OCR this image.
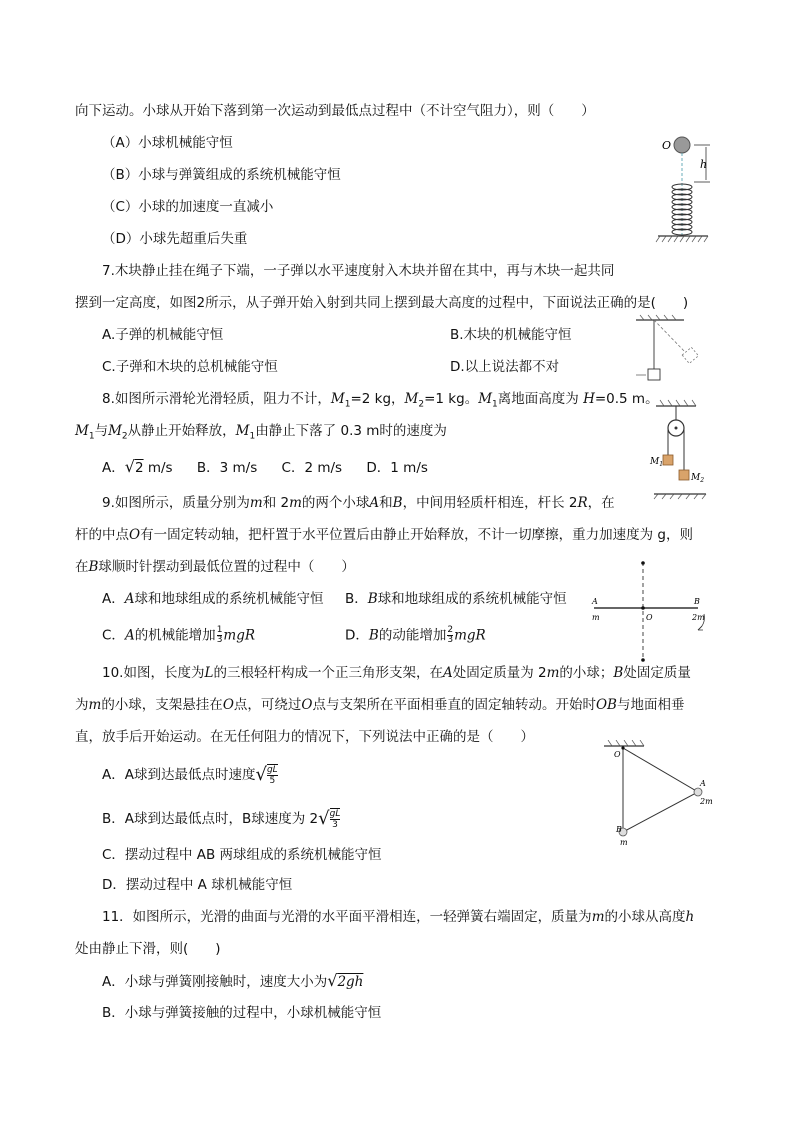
向下运动。小球从开始下落到第一次运动到最低点过程中（不计空气阻力），则（　　）
（A）小球机械能守恒
（B）小球与弹簧组成的系统机械能守恒
（C）小球的加速度一直减小
（D）小球先超重后失重
O
h
7.木块静止挂在绳子下端，一子弹以水平速度射入木块并留在其中，再与木块一起共同
摆到一定高度，如图2所示，从子弹开始入射到共同上摆到最大高度的过程中，下面说法正确的是(　　)
A.子弹的机械能守恒	B.木块的机械能守恒
C.子弹和木块的总机械能守恒	D.以上说法都不对
8.如图所示滑轮光滑轻质，阻力不计，$M_1=2$ kg，$M_2=1$ kg。$M_1$离地面高度为 H=0.5 m。
$M_1$与$M_2$从静止开始释放，$M_1$由静止下落了 0.3 m时的速度为
A．√2 m/s B．3 m/s C．2 m/s D．1 m/s	$M_1$
$M_2$
9.如图所示，质量分别为m和 2m的两个小球A和B，中间用轻质杆相连，杆长 2R，在
杆的中点O有一固定转动轴，把杆置于水平位置后由静止开始释放，不计一切摩擦，重力加速度为 g，则
在B球顺时针摆动到最低位置的过程中（　　）
A．A球和地球组成的系统机械能守恒 B．B球和地球组成的系统机械能守恒
C．A的机械能增加 $\frac{1}{3}$ mgR	D．B的动能增加 $\frac{2}{3}$ mgR
A	B
m	O	2m
10.如图，长度为L的三根轻杆构成一个正三角形支架，在A处固定质量为 2m的小球；B处固定质量
为m的小球，支架悬挂在O点，可绕过O点与支架所在平面相垂直的固定轴转动。开始时OB与地面相垂
直，放手后开始运动。在无任何阻力的情况下，下列说法中正确的是（　　）
A．A球到达最低点时速度√ $\frac{gL}{5}$
B．A球到达最低点时，B球速度为 $2√ \frac{gL}{3}$
C．摆动过程中 AB 两球组成的系统机械能守恒
D．摆动过程中 A 球机械能守恒
O
A
2m
B
m
11．如图所示，光滑的曲面与光滑的水平面平滑相连，一轻弹簧右端固定，质量为m的小球从高度h
处由静止下滑，则(　　)
A．小球与弹簧刚接触时，速度大小为√2gh
B．小球与弹簧接触的过程中，小球机械能守恒
